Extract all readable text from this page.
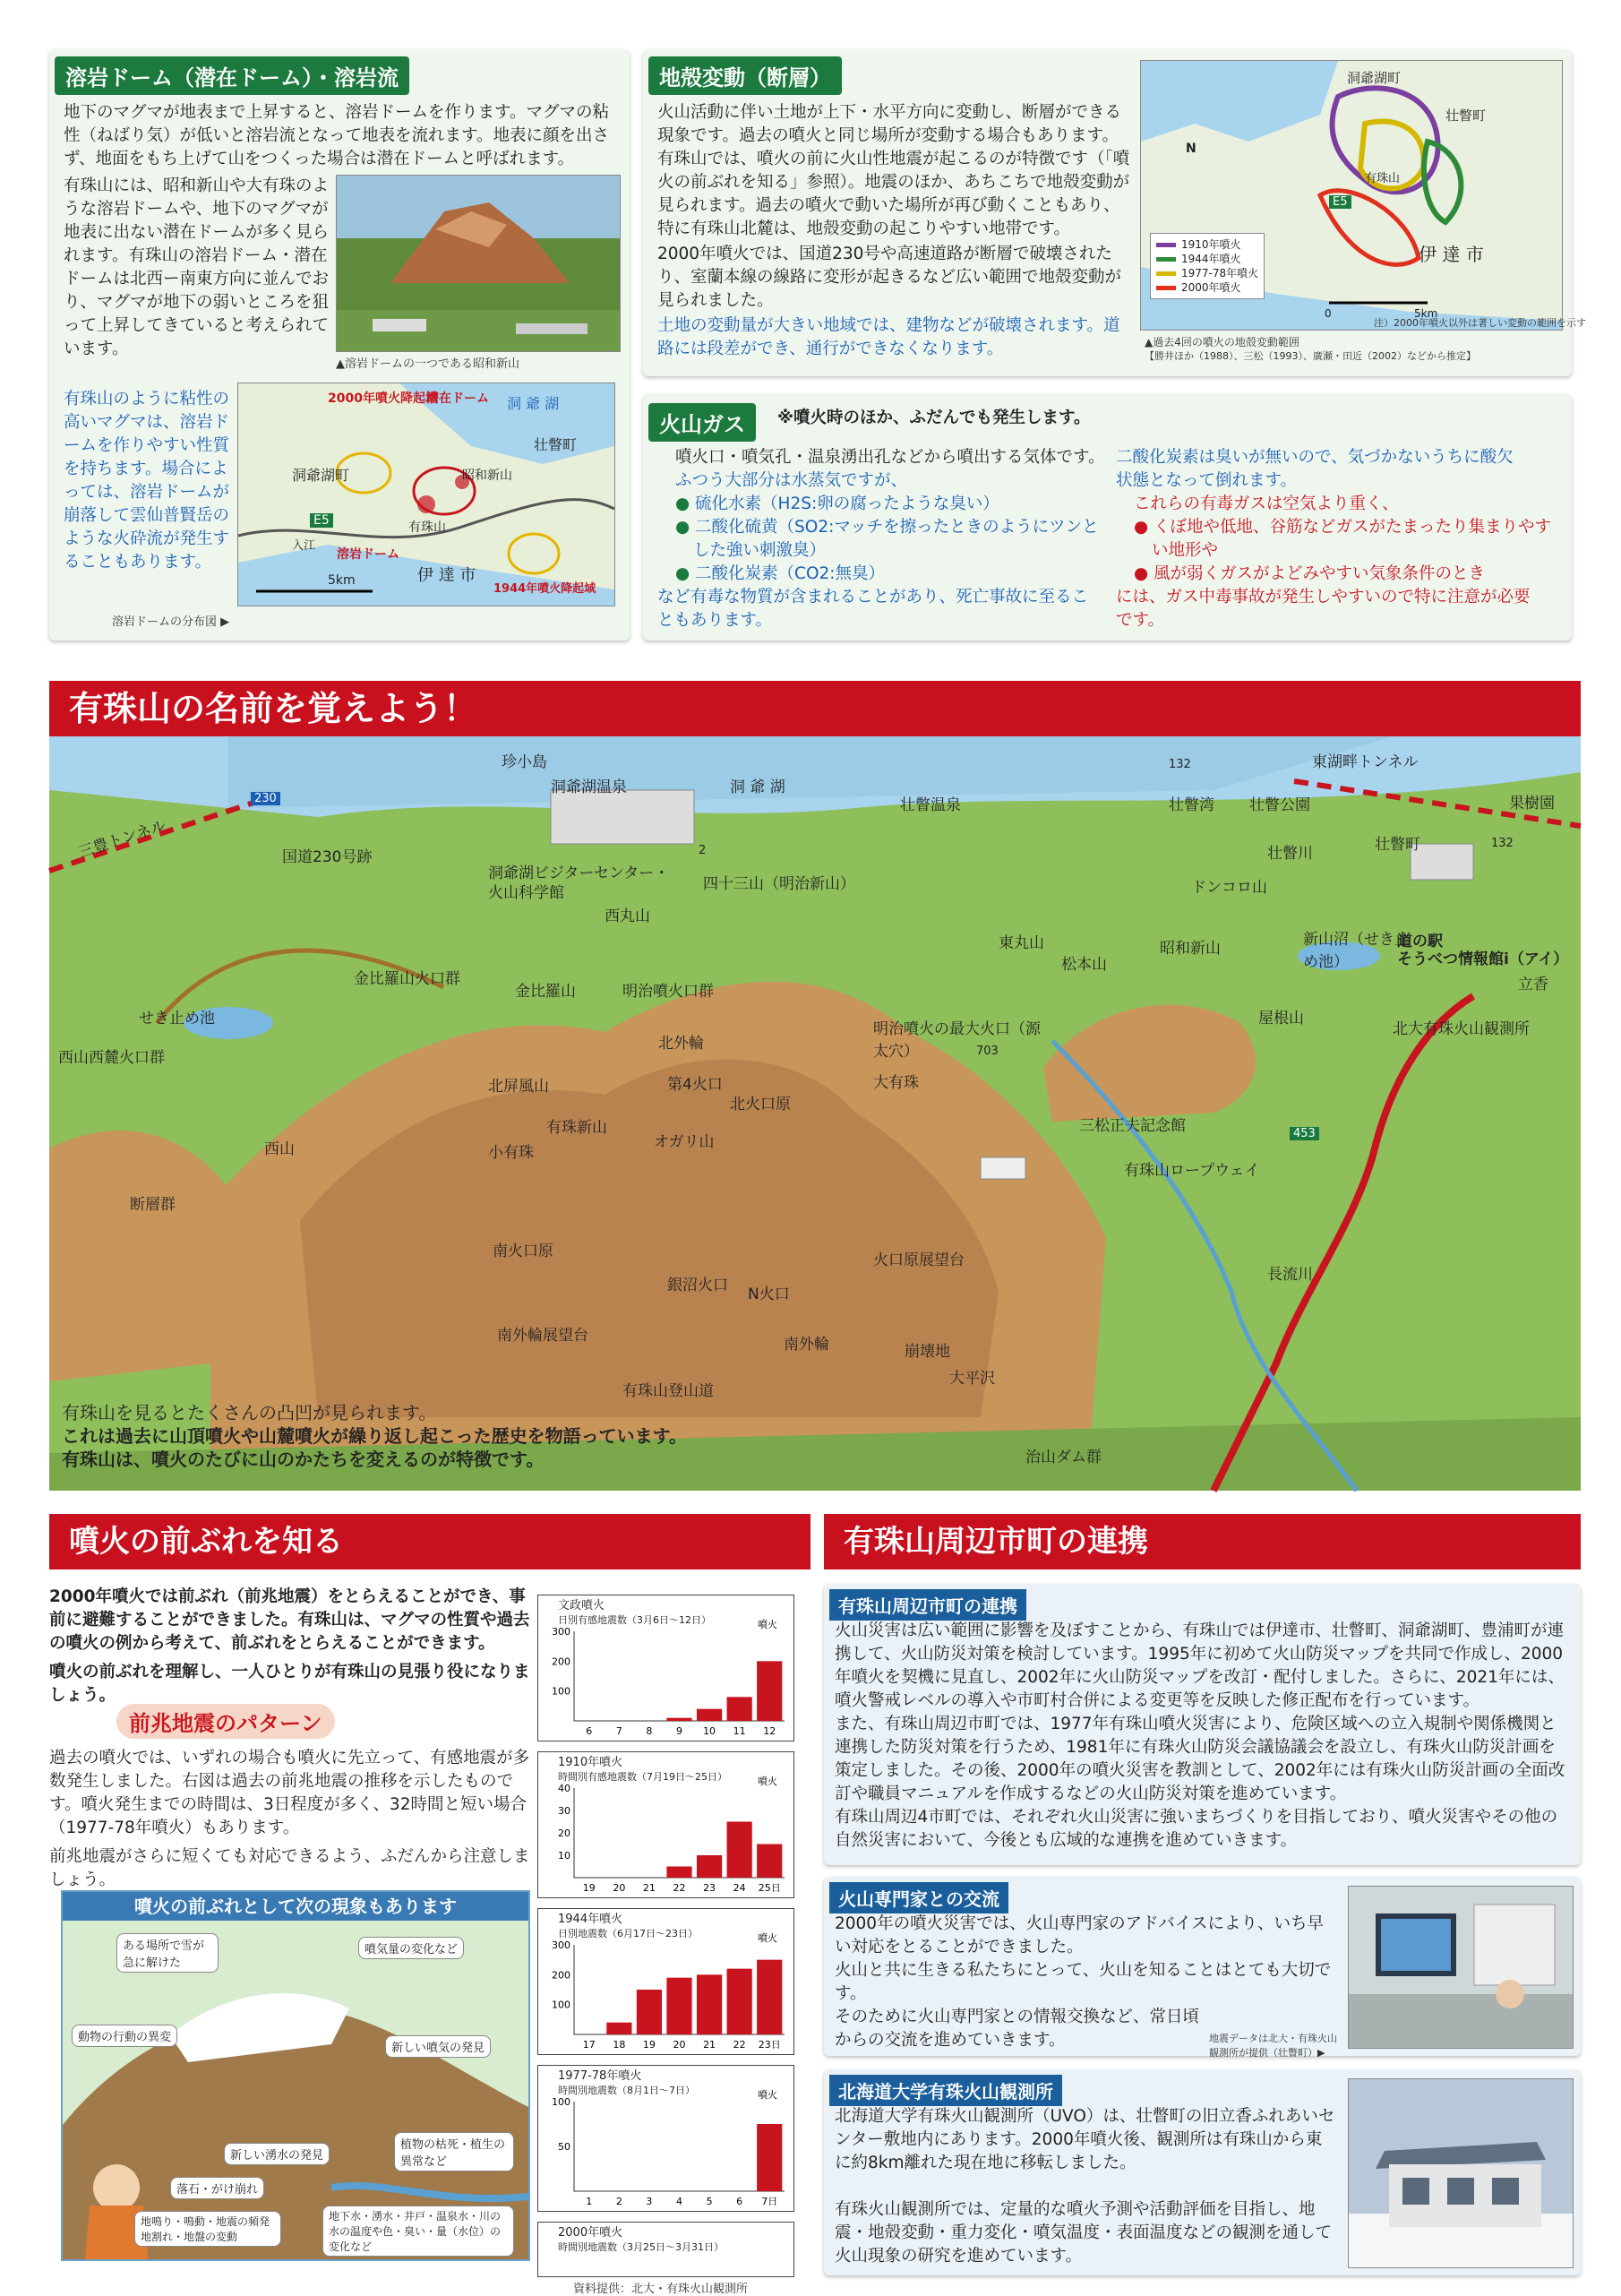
溶岩ドーム（潜在ドーム）・溶岩流
地下のマグマが地表まで上昇すると、溶岩ドームを作ります。マグマの粘性（ねばり気）が低いと溶岩流となって地表を流れます。地表に顔を出さず、地面をもち上げて山をつくった場合は潜在ドームと呼ばれます。
有珠山には、昭和新山や大有珠のような溶岩ドームや、地下のマグマが地表に出ない潜在ドームが多く見られます。有珠山の溶岩ドーム・潜在ドームは北西ー南東方向に並んでおり、マグマが地下の弱いところを狙って上昇してきていると考えられています。
▲溶岩ドームの一つである昭和新山
有珠山のように粘性の高いマグマは、溶岩ドームを作りやすい性質を持ちます。場合によっては、溶岩ドームが崩落して雲仙普賢岳のような火砕流が発生することもあります。
2000年噴火降起域
潜在ドーム 洞 爺 湖
壮瞥町
昭和新山
洞爺湖町
有珠山
溶岩ドーム
伊 達 市
5km
1944年噴火降起域
E5
入江
溶岩ドームの分布図 ▶
地殻変動（断層）
火山活動に伴い土地が上下・水平方向に変動し、断層ができる現象です。過去の噴火と同じ場所が変動する場合もあります。
有珠山では、噴火の前に火山性地震が起こるのが特徴です（「噴火の前ぶれを知る」参照）。地震のほか、あちこちで地殻変動が見られます。過去の噴火で動いた場所が再び動くこともあり、特に有珠山北麓は、地殻変動の起こりやすい地帯です。
2000年噴火では、国道230号や高速道路が断層で破壊されたり、室蘭本線の線路に変形が起きるなど広い範囲で地殻変動が見られました。
土地の変動量が大きい地域では、建物などが破壊されます。道路には段差ができ、通行ができなくなります。
洞爺湖町
壮瞥町
有珠山
伊 達 市
E5
N
0	5km
1910年噴火
1944年噴火
1977-78年噴火
2000年噴火
注）2000年噴火以外は著しい変動の範囲を示す
▲過去4回の噴火の地殻変動範囲
【勝井ほか（1988）、三松（1993）、廣瀬・田近（2002）などから推定】
火山ガス	※噴火時のほか、ふだんでも発生します。
噴火口・噴気孔・温泉湧出孔などから噴出する気体です。
ふつう大部分は水蒸気ですが、
● 硫化水素（H2S:卵の腐ったような臭い）
● 二酸化硫黄（SO2:マッチを擦ったときのようにツンと
した強い刺激臭）
● 二酸化炭素（CO2:無臭）
など有毒な物質が含まれることがあり、死亡事故に至るこ
ともあります。
二酸化炭素は臭いが無いので、気づかないうちに酸欠
状態となって倒れます。
これらの有毒ガスは空気より重く、
● くぼ地や低地、谷筋などガスがたまったり集まりやす
い地形や
● 風が弱くガスがよどみやすい気象条件のとき
には、ガス中毒事故が発生しやすいので特に注意が必要
です。
有珠山の名前を覚えよう！
珍小島
洞爺湖温泉	洞 爺 湖
壮瞥温泉
三豊トンネル
230
国道230号跡
洞爺湖ビジターセンター・
火山科学館	四十三山（明治新山）
西丸山
金比羅山火口群
金比羅山	明治噴火口群
せき止め池
西山西麓火口群
北外輪
北屏風山	第4火口
北火口原
有珠新山
オガリ山
西山	小有珠
断層群
南火口原
銀沼火口 N火口
火口原展望台
南外輪展望台	南外輪	崩壊地
大平沢
有珠山登山道
治山ダム群
大有珠
明治噴火の最大火口（源太穴）	703
三松正夫記念館
有珠山ロープウェイ
453
長流川
東丸山
松本山
昭和新山
ドンコロ山
屋根山
新山沼（せき止め池）
道の駅
そうべつ情報館i（アイ）
北大有珠火山観測所
立香
壮瞥湾 壮瞥公園
壮瞥川	壮瞥町
東湖畔トンネル
果樹園
132
2
132
有珠山を見るとたくさんの凸凹が見られます。
これは過去に山頂噴火や山麓噴火が繰り返し起こった歴史を物語っています。
有珠山は、噴火のたびに山のかたちを変えるのが特徴です。
噴火の前ぶれを知る
2000年噴火では前ぶれ（前兆地震）をとらえることができ、事前に避難することができました。有珠山は、マグマの性質や過去の噴火の例から考えて、前ぶれをとらえることができます。
噴火の前ぶれを理解し、一人ひとりが有珠山の見張り役になりましょう。
前兆地震のパターン
過去の噴火では、いずれの場合も噴火に先立って、有感地震が多数発生しました。右図は過去の前兆地震の推移を示したものです。噴火発生までの時間は、3日程度が多く、32時間と短い場合（1977-78年噴火）もあります。
前兆地震がさらに短くても対応できるよう、ふだんから注意しましょう。
噴火の前ぶれとして次の現象もあります
ある場所で雪が急に解けた
噴気量の変化など
動物の行動の異変
新しい噴気の発見
新しい湧水の発見
植物の枯死・植生の異常など
落石・がけ崩れ
地鳴り・鳴動・地震の頻発 地割れ・地盤の変動
地下水・湧水・井戸・温泉水・川の水の温度や色・臭い・量（水位）の変化など
文政噴火
日別有感地震数（3月6日～12日）
100
200
300
6 7 8 9 10 11 12
噴火
1910年噴火
時間別有感地震数（7月19日～25日）
10
20
30
40
19 20 21 22 23 24 25日
噴火
1944年噴火
日別地震数（6月17日～23日）
100
200
300
17 18 19 20 21 22 23日
噴火
1977-78年噴火
時間別地震数（8月1日～7日）
50
100
1 2 3 4 5 6 7日
噴火
2000年噴火
時間別地震数（3月25日～3月31日）
資料提供：北大・有珠火山観測所
有珠山周辺市町の連携
有珠山周辺市町の連携
火山災害は広い範囲に影響を及ぼすことから、有珠山では伊達市、壮瞥町、洞爺湖町、豊浦町が連携して、火山防災対策を検討しています。1995年に初めて火山防災マップを共同で作成し、2000年噴火を契機に見直し、2002年に火山防災マップを改訂・配付しました。さらに、2021年には、噴火警戒レベルの導入や市町村合併による変更等を反映した修正配布を行っています。
また、有珠山周辺市町では、1977年有珠山噴火災害により、危険区域への立入規制や関係機関と連携した防災対策を行うため、1981年に有珠火山防災会議協議会を設立し、有珠火山防災計画を策定しました。その後、2000年の噴火災害を教訓として、2002年には有珠火山防災計画の全面改訂や職員マニュアルを作成するなどの火山防災対策を進めています。
有珠山周辺4市町では、それぞれ火山災害に強いまちづくりを目指しており、噴火災害やその他の自然災害において、今後とも広域的な連携を進めていきます。
火山専門家との交流
2000年の噴火災害では、火山専門家のアドバイスにより、いち早い対応をとることができました。
火山と共に生きる私たちにとって、火山を知ることはとても大切です。
そのために火山専門家との情報交換など、常日頃からの交流を進めていきます。	地震データは北大・有珠火山観測所が提供（壮瞥町）▶
北海道大学有珠火山観測所
北海道大学有珠火山観測所（UVO）は、壮瞥町の旧立香ふれあいセンター敷地内にあります。2000年噴火後、観測所は有珠山から東に約8km離れた現在地に移転しました。
有珠火山観測所では、定量的な噴火予測や活動評価を目指し、地震・地殻変動・重力変化・噴気温度・表面温度などの観測を通して火山現象の研究を進めています。
